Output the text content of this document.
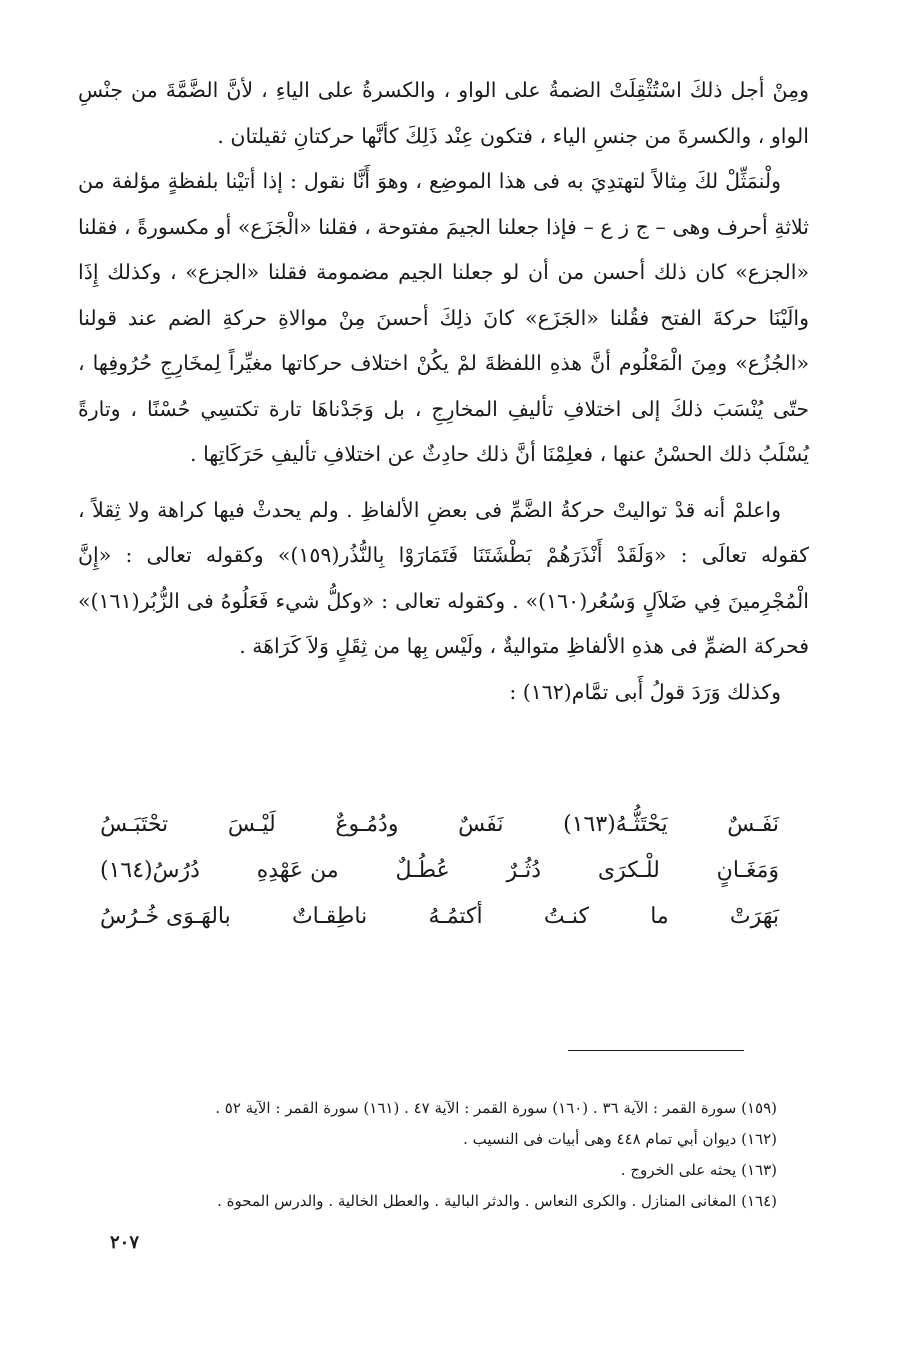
ومِنْ أجل ذلكَ اسْتُثْقِلَتْ الضمةُ على الواو ، والكسرةُ على الياءِ ، لأنَّ الضَّمَّةَ من جنْسِ الواو ، والكسرةَ من جنسِ الياء ، فتكون عِنْد ذَلِكَ كأنَّها حركتانِ ثقيلتان .

ولْنمَثِّلْ لكَ مِثالاً لتهتدِيَ به فى هذا الموضِع ، وهوَ أَنَّا نقول : إذا أتيْنا بلفظةٍ مؤلفة من ثلاثةِ أحرف وهى – ج ز ع – فإذا جعلنا الجيمَ مفتوحة ، فقلنا «الْجَزَع» أو مكسورةً ، فقلنا «الجزع» كان ذلك أحسن من أن لو جعلنا الجيم مضمومة فقلنا «الجزع» ، وكذلك إِذَا والَيْنَا حركةَ الفتح فقُلنا «الجَزَع» كانَ ذلِكَ أحسنَ مِنْ موالاةِ حركةِ الضم عند قولنا «الجُزُع» ومِنَ الْمَعْلُوم أنَّ هذهِ اللفظةَ لمْ يكُنْ اختلاف حركاتها مغيِّراً لِمخَارِجِ حُرُوفِها ، حتّى يُنْسَبَ ذلكَ إلى اختلافِ تأليفِ المخارِجِ ، بل وَجَدْناهَا تارة تكتسِي حُسْنًا ، وتارةً يُسْلَبُ ذلك الحسْنُ عنها ، فعلِمْنَا أنَّ ذلك حادِثٌ عن اختلافِ تأليفِ حَرَكَاتِها .

واعلمْ أنه قدْ تواليتْ حركةُ الضَّمِّ فى بعضِ الألفاظِ . ولم يحدثْ فيها كراهة ولا ثِقلاً ، كقوله تعالَى : «وَلَقَدْ أَنْذَرَهُمْ بَطْشَتَنَا فَتَمَارَوْا بِالنُّذُر(١٥٩)» وكقوله تعالى : «إِنَّ الْمُجْرِمينَ فِي ضَلاَلٍ وَسُعُر(١٦٠)» . وكقوله تعالى : «وكلُّ شيء فَعَلُوهُ فى الزُّبُر(١٦١)» فحركة الضمِّ فى هذهِ الألفاظِ متواليةٌ ، ولَيْس بِها من ثِقَلٍ وَلاَ كَرَاهَة .

وكذلك وَرَدَ قولُ أَبى تمَّام(١٦٢) :

نَفَـسٌ
يَحْتَثُّـهُ(١٦٣)
نَفَسٌ
ودُمُـوعٌ
لَيْـسَ
تحْتَبَـسُ
وَمَغَـانٍ
للْـكرَى
دُثُـرٌ
عُطُـلٌ
من عَهْدِهِ
دُرُسُ(١٦٤)
بَهَرَتْ
ما
كنـتُ
أكتمُـهُ
ناطِقـاتٌ
بالهَـوَى خُـرُسُ

(١٥٩) سورة القمر : الآية ٣٦ . (١٦٠) سورة القمر : الآية ٤٧ . (١٦١) سورة القمر : الآية ٥٢ .

(١٦٢) ديوان أبي تمام ٤٤٨ وهى أبيات فى النسيب .

(١٦٣) يحثه على الخروج .

(١٦٤) المغانى المنازل . والكرى النعاس . والدثر البالية . والعطل الخالية . والدرس المحوة .

٢٠٧
